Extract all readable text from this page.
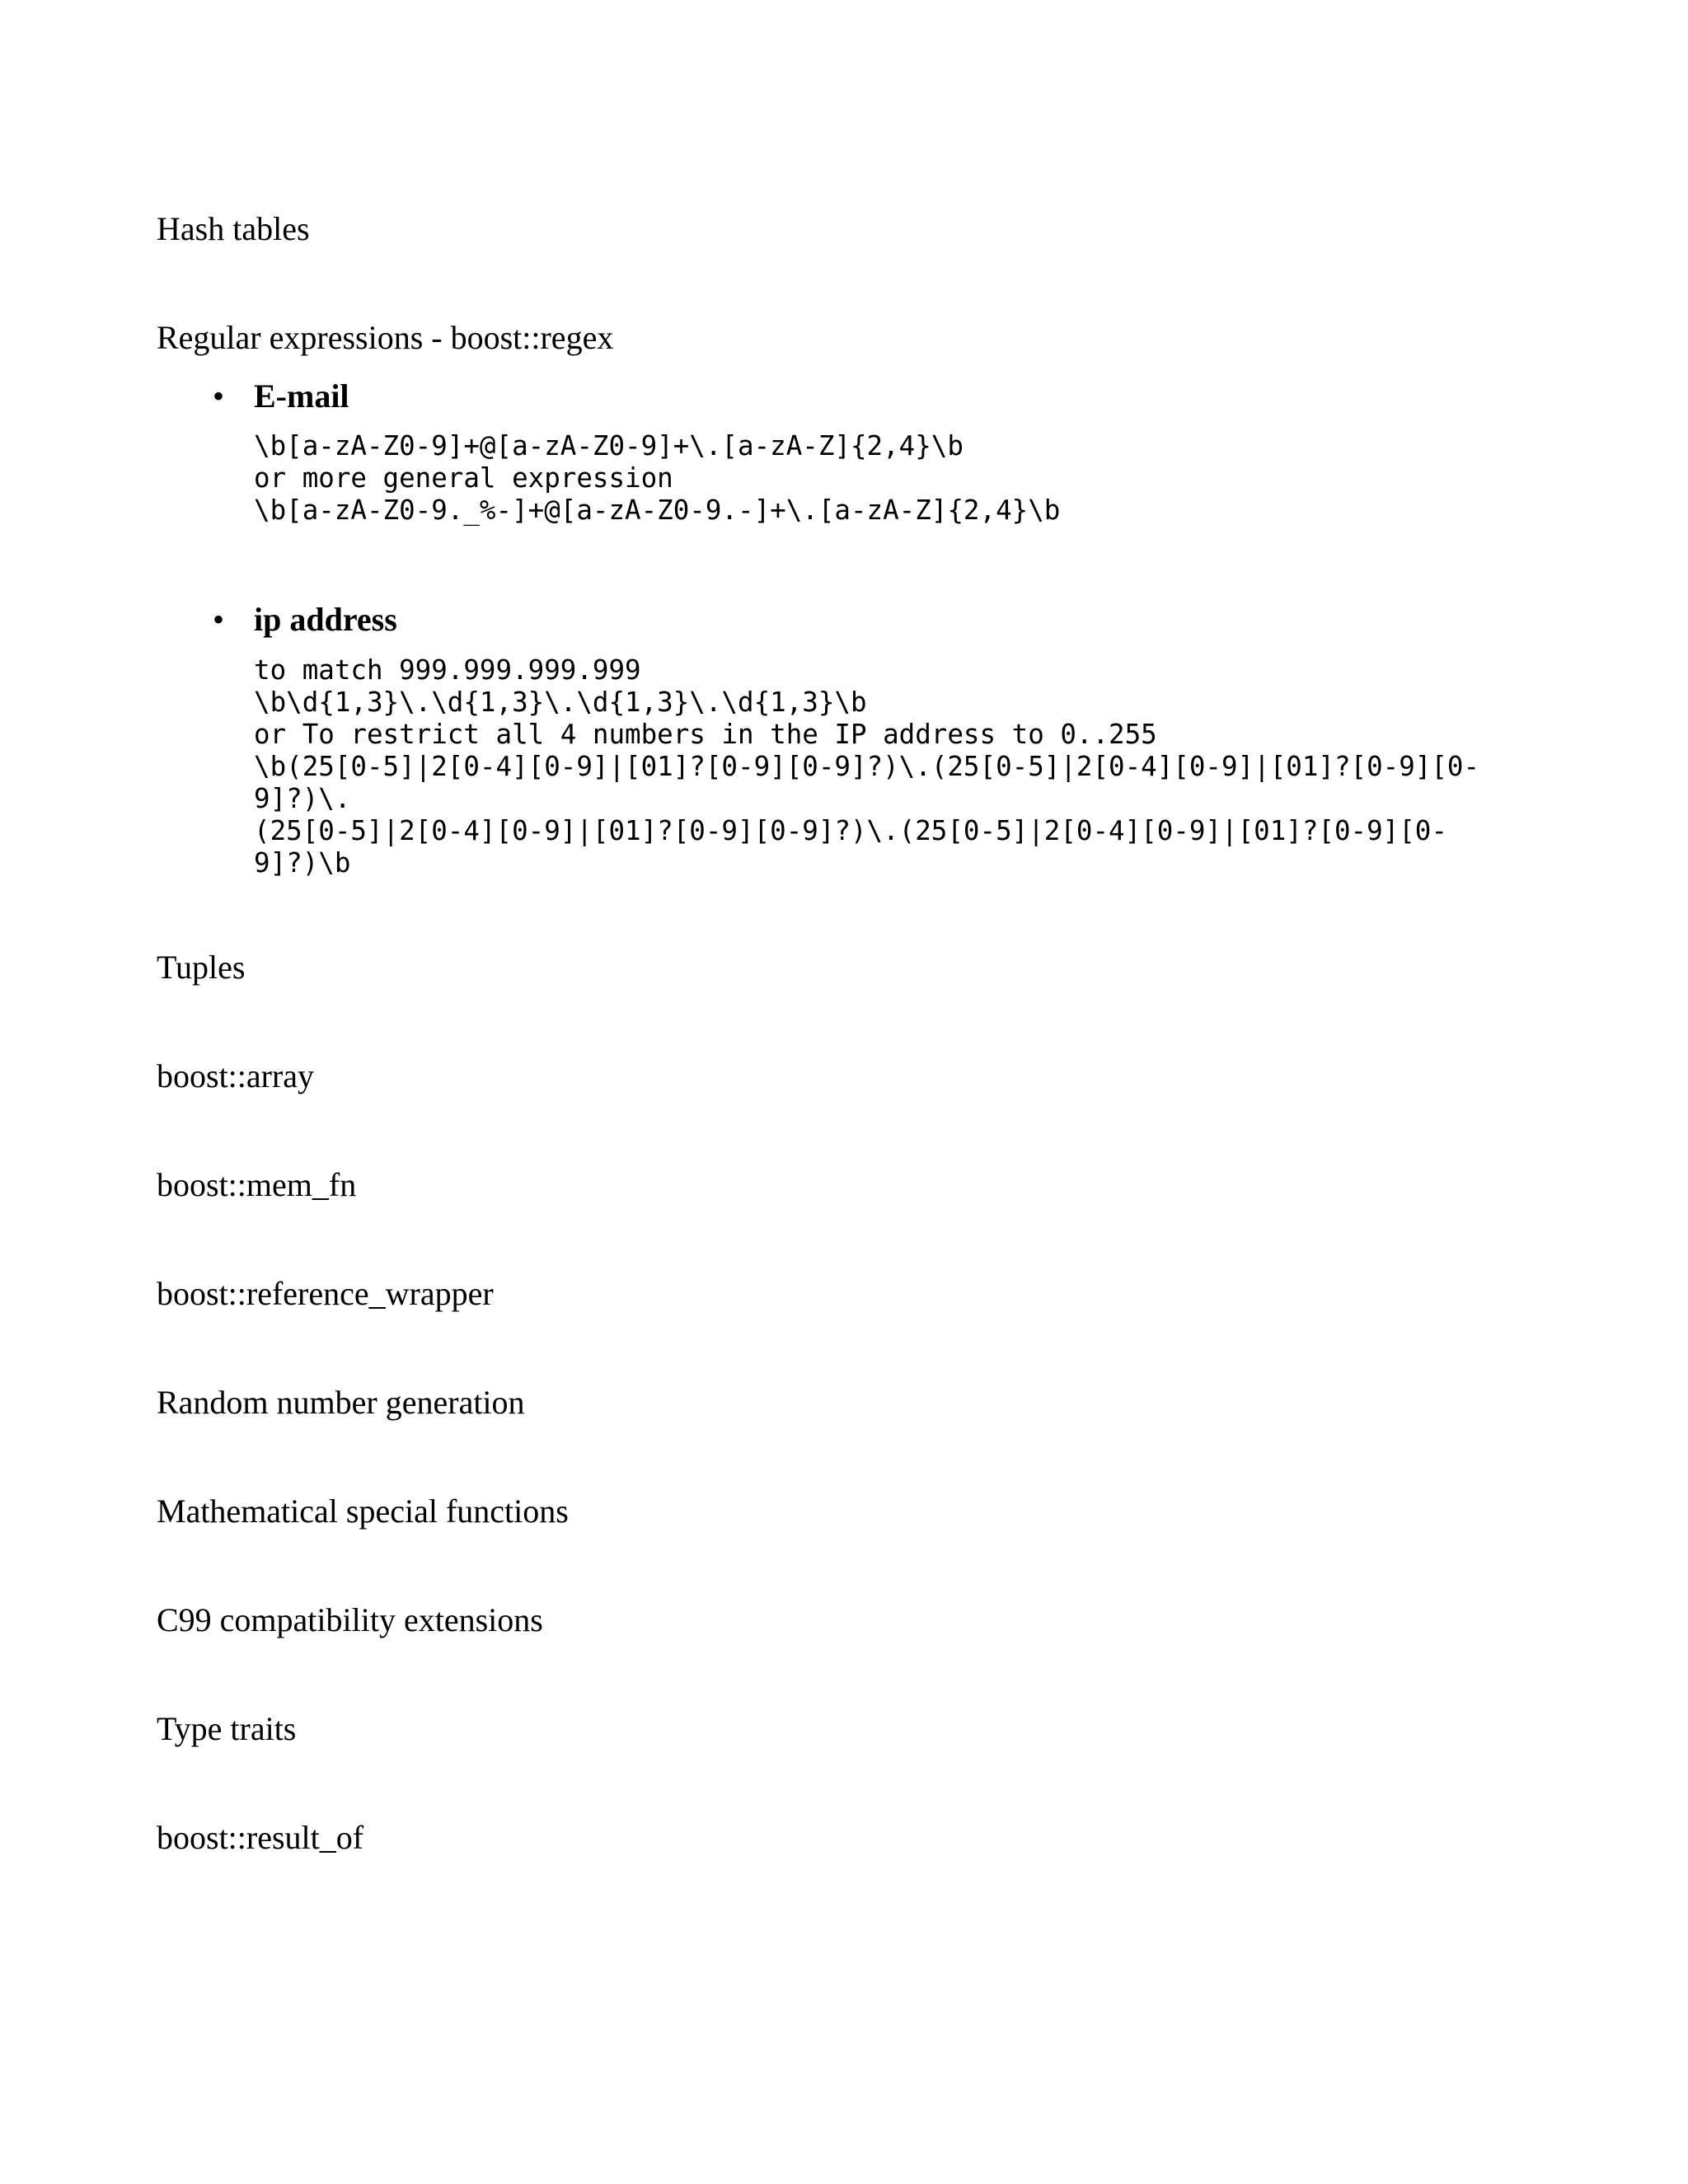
Hash tables
Regular expressions - boost::regex
• E-mail
\b[a-zA-Z0-9]+@[a-zA-Z0-9]+\.[a-zA-Z]{2,4}\b
or more general expression
\b[a-zA-Z0-9._%-]+@[a-zA-Z0-9.-]+\.[a-zA-Z]{2,4}\b
• ip address
to match 999.999.999.999
\b\d{1,3}\.\d{1,3}\.\d{1,3}\.\d{1,3}\b
or To restrict all 4 numbers in the IP address to 0..255
\b(25[0-5]|2[0-4][0-9]|[01]?[0-9][0-9]?)\.(25[0-5]|2[0-4][0-9]|[01]?[0-9][0-
9]?)\.
(25[0-5]|2[0-4][0-9]|[01]?[0-9][0-9]?)\.(25[0-5]|2[0-4][0-9]|[01]?[0-9][0-
9]?)\b
Tuples
boost::array
boost::mem_fn
boost::reference_wrapper
Random number generation
Mathematical special functions
C99 compatibility extensions
Type traits
boost::result_of
